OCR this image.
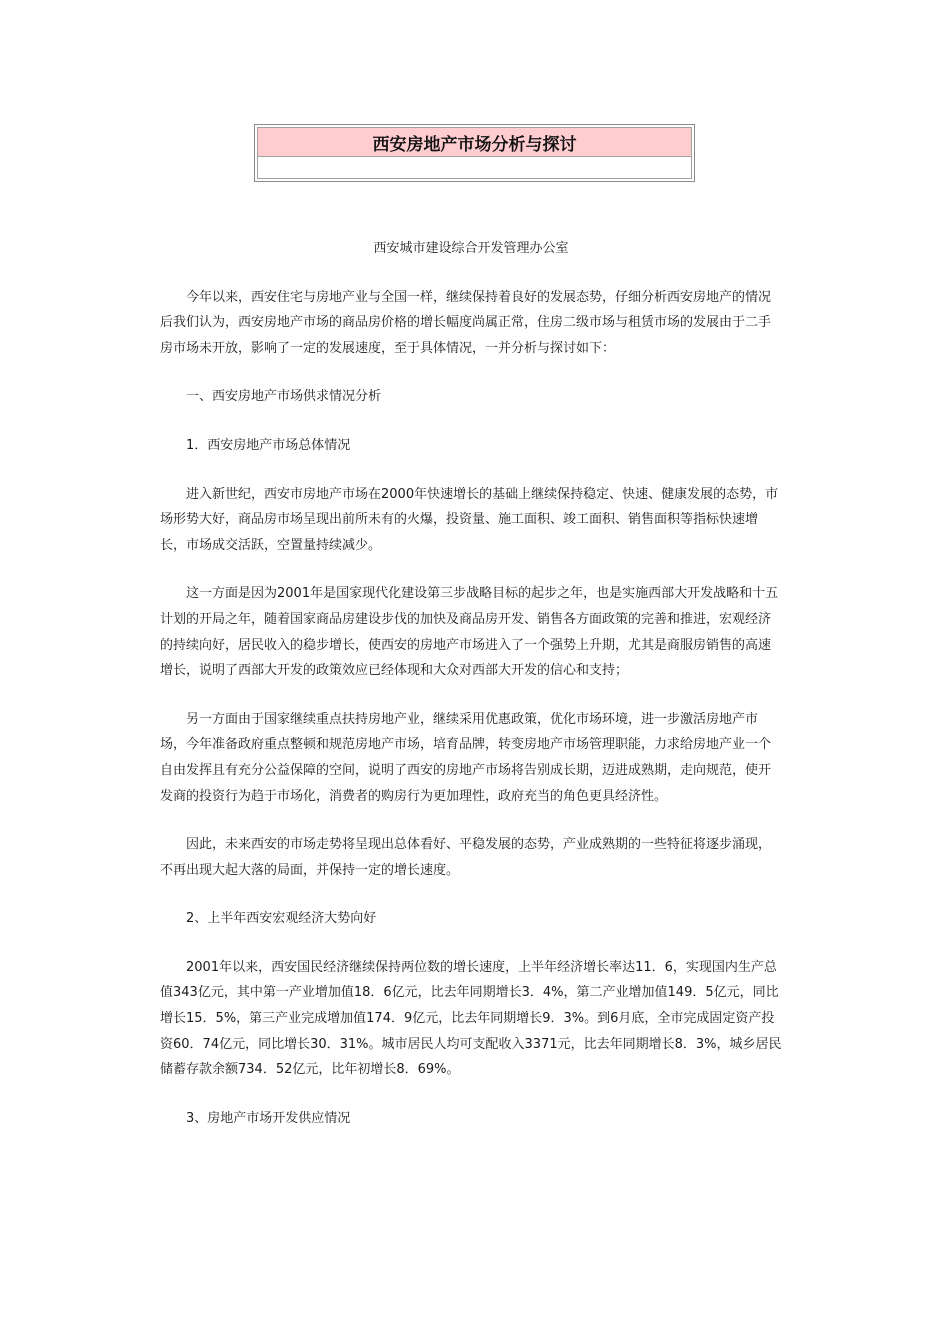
西安房地产市场分析与探讨

西安城市建设综合开发管理办公室

今年以来，西安住宅与房地产业与全国一样，继续保持着良好的发展态势，仔细分析西安房地产的情况后我们认为，西安房地产市场的商品房价格的增长幅度尚属正常，住房二级市场与租赁市场的发展由于二手房市场未开放，影响了一定的发展速度，至于具体情况，一并分析与探讨如下：

一、西安房地产市场供求情况分析

1．西安房地产市场总体情况

进入新世纪，西安市房地产市场在2000年快速增长的基础上继续保持稳定、快速、健康发展的态势，市场形势大好，商品房市场呈现出前所未有的火爆，投资量、施工面积、竣工面积、销售面积等指标快速增长，市场成交活跃，空置量持续减少。

这一方面是因为2001年是国家现代化建设第三步战略目标的起步之年，也是实施西部大开发战略和十五计划的开局之年，随着国家商品房建设步伐的加快及商品房开发、销售各方面政策的完善和推进，宏观经济的持续向好，居民收入的稳步增长，使西安的房地产市场进入了一个强势上升期，尤其是商服房销售的高速增长，说明了西部大开发的政策效应已经体现和大众对西部大开发的信心和支持；

另一方面由于国家继续重点扶持房地产业，继续采用优惠政策，优化市场环境，进一步激活房地产市场，今年准备政府重点整顿和规范房地产市场，培育品牌，转变房地产市场管理职能，力求给房地产业一个自由发挥且有充分公益保障的空间，说明了西安的房地产市场将告别成长期，迈进成熟期，走向规范，使开发商的投资行为趋于市场化，消费者的购房行为更加理性，政府充当的角色更具经济性。

因此，未来西安的市场走势将呈现出总体看好、平稳发展的态势，产业成熟期的一些特征将逐步涌现，不再出现大起大落的局面，并保持一定的增长速度。

2、上半年西安宏观经济大势向好

2001年以来，西安国民经济继续保持两位数的增长速度，上半年经济增长率达11．6，实现国内生产总值343亿元，其中第一产业增加值18．6亿元，比去年同期增长3．4%，第二产业增加值149．5亿元，同比增长15．5%，第三产业完成增加值174．9亿元，比去年同期增长9．3%。到6月底，全市完成固定资产投资60．74亿元，同比增长30．31%。城市居民人均可支配收入3371元，比去年同期增长8．3%，城乡居民储蓄存款余额734．52亿元，比年初增长8．69%。

3、房地产市场开发供应情况
